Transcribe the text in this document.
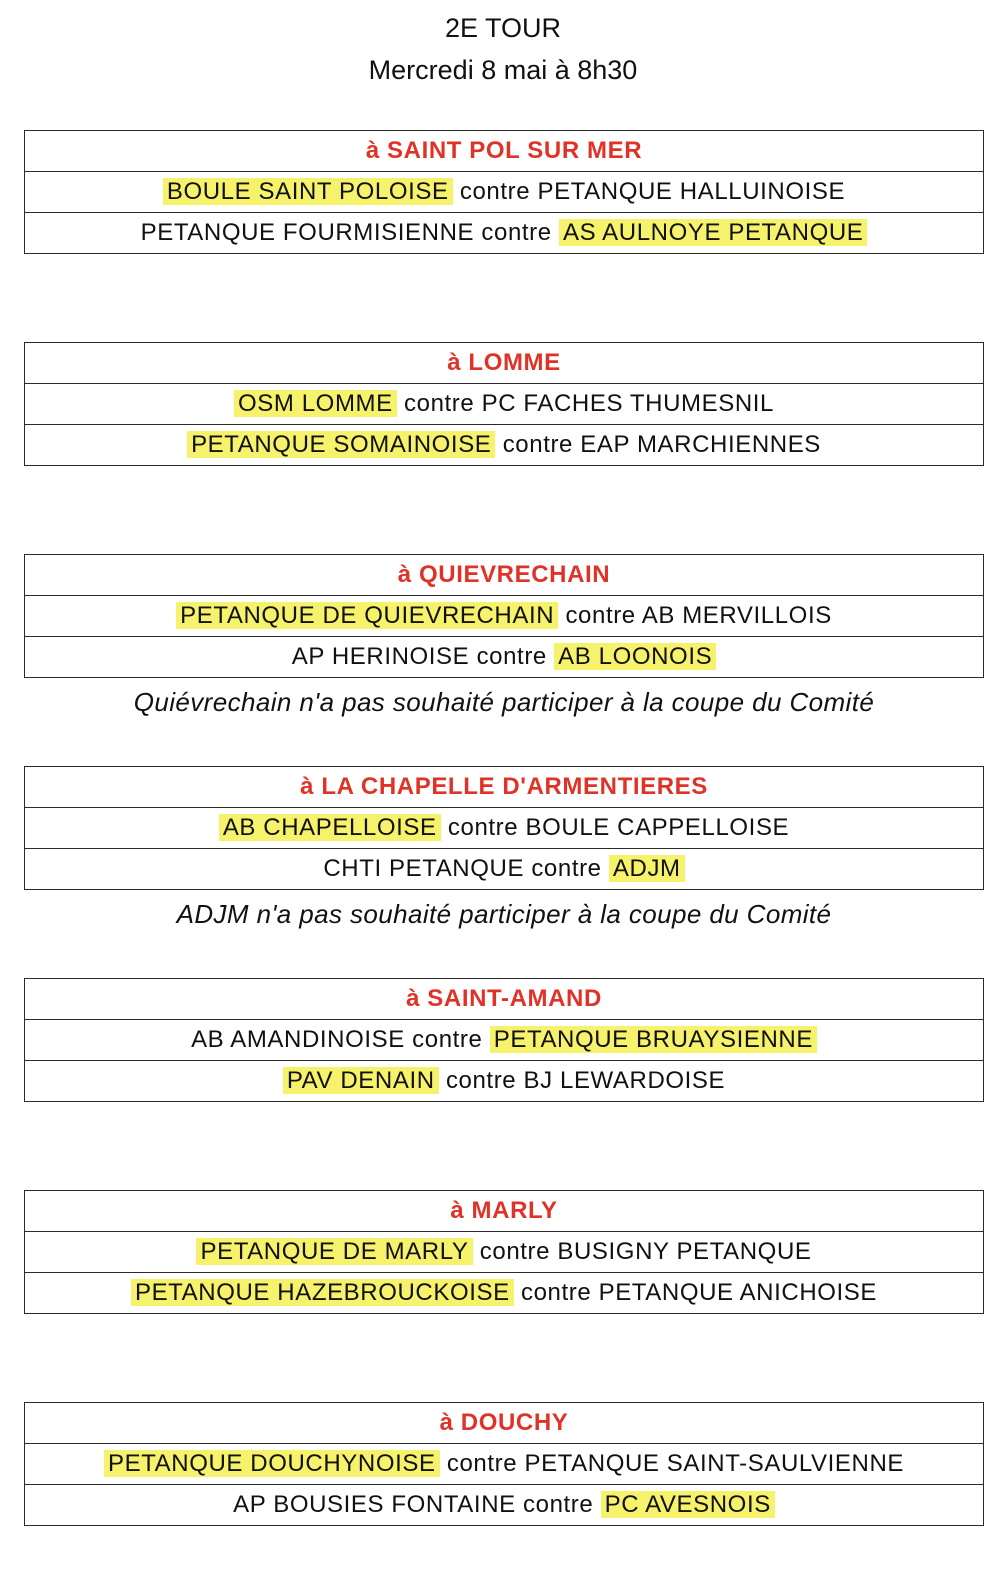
2E TOUR
Mercredi 8 mai à 8h30
à SAINT POL SUR MER
BOULE SAINT POLOISE contre PETANQUE HALLUINOISE
PETANQUE FOURMISIENNE contre AS AULNOYE PETANQUE
à LOMME
OSM LOMME contre PC FACHES THUMESNIL
PETANQUE SOMAINOISE contre EAP MARCHIENNES
à QUIEVRECHAIN
PETANQUE DE QUIEVRECHAIN contre AB MERVILLOIS
AP HERINOISE contre AB LOONOIS
Quiévrechain n'a pas souhaité participer à la coupe du Comité
à LA CHAPELLE D'ARMENTIERES
AB CHAPELLOISE contre BOULE CAPPELLOISE
CHTI PETANQUE contre ADJM
ADJM n'a pas souhaité participer à la coupe du Comité
à SAINT-AMAND
AB AMANDINOISE contre PETANQUE BRUAYSIENNE
PAV DENAIN contre BJ LEWARDOISE
à MARLY
PETANQUE DE MARLY contre BUSIGNY PETANQUE
PETANQUE HAZEBROUCKOISE contre PETANQUE ANICHOISE
à DOUCHY
PETANQUE DOUCHYNOISE contre PETANQUE SAINT-SAULVIENNE
AP BOUSIES FONTAINE contre PC AVESNOIS
